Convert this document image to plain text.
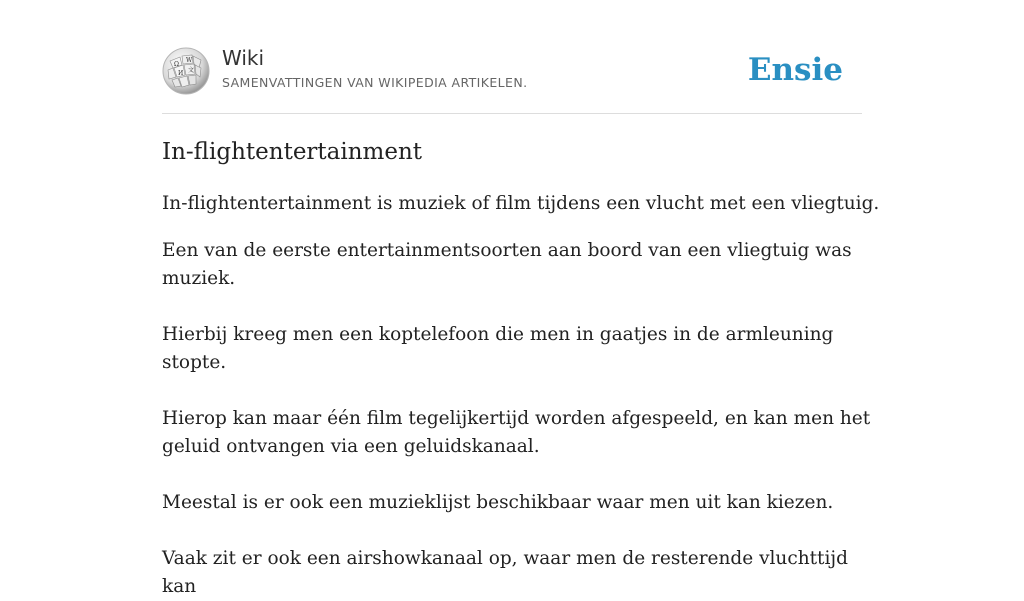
Ω
W
И 文
Wiki
SAMENVATTINGEN VAN WIKIPEDIA ARTIKELEN.	Ensie
In-flightentertainment

In-flightentertainment is muziek of film tijdens een vlucht met een vliegtuig.

Een van de eerste entertainmentsoorten aan boord van een vliegtuig was muziek.

Hierbij kreeg men een koptelefoon die men in gaatjes in de armleuning stopte.

Hierop kan maar één film tegelijkertijd worden afgespeeld, en kan men het geluid ontvangen via een geluidskanaal.

Meestal is er ook een muzieklijst beschikbaar waar men uit kan kiezen.

Vaak zit er ook een airshowkanaal op, waar men de resterende vluchttijd kan
